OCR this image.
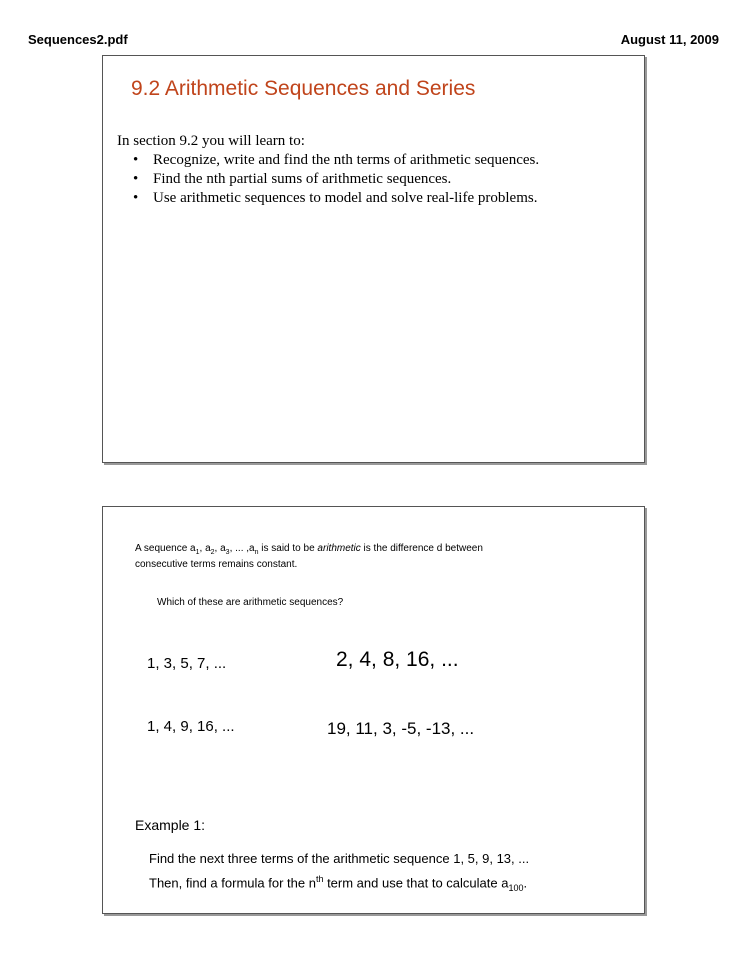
Sequences2.pdf	August 11, 2009
9.2 Arithmetic Sequences and Series
In section 9.2 you will learn to:
• Recognize, write and find the nth terms of arithmetic sequences.
• Find the nth partial sums of arithmetic sequences.
• Use arithmetic sequences to model and solve real-life problems.
A sequence $a_1$, $a_2$, $a_3$, ... $,a_n$ is said to be arithmetic is the difference d between consecutive terms remains constant.
Which of these are arithmetic sequences?
1, 3, 5, 7, ...	2, 4, 8, 16, ...
1, 4, 9, 16, ...	19, 11, 3, -5, -13, ...
Example 1:
Find the next three terms of the arithmetic sequence 1, 5, 9, 13, ...
Then, find a formula for the $n^{th}$ term and use that to calculate $a_{100}$.
